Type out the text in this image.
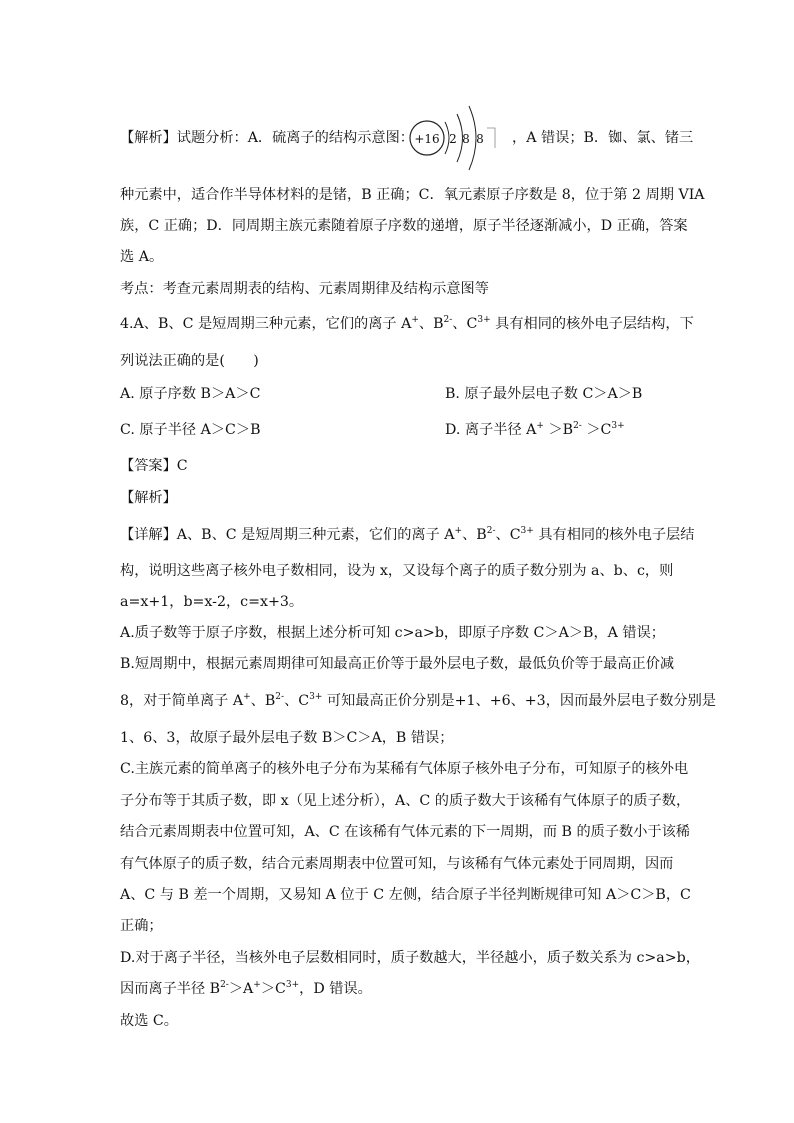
【解析】试题分析：A．硫离子的结构示意图：	，A 错误；B．铷、氯、锗三
+16 2 8 8
种元素中，适合作半导体材料的是锗，B 正确；C．氧元素原子序数是 8，位于第 2 周期 VIA
族，C 正确；D．同周期主族元素随着原子序数的递增，原子半径逐渐减小，D 正确，答案
选 A。
考点：考查元素周期表的结构、元素周期律及结构示意图等
4.A、B、C 是短周期三种元素，它们的离子 A+、$B^{2-}$、$C^{3+}$ 具有相同的核外电子层结构，下
列说法正确的是(　　)
A. 原子序数 B＞A＞C	B. 原子最外层电子数 C＞A＞B
C. 原子半径 A＞C＞B	D. 离子半径 $A^+ >B^{2-} >C^{3+}$
【答案】C
【解析】
【详解】A、B、C 是短周期三种元素，它们的离子 A+、$B^{2-}$、$C^{3+}$ 具有相同的核外电子层结
构，说明这些离子核外电子数相同，设为 x，又设每个离子的质子数分别为 a、b、c，则
a=x+1，b=x-2，c=x+3。
A.质子数等于原子序数，根据上述分析可知 c>a>b，即原子序数 C＞A＞B，A 错误；
B.短周期中，根据元素周期律可知最高正价等于最外层电子数，最低负价等于最高正价减
8，对于简单离子 A+、$B^{2-}$、$C^{3+}$ 可知最高正价分别是+1、+6、+3，因而最外层电子数分别是
1、6、3，故原子最外层电子数 B＞C＞A，B 错误；
C.主族元素的简单离子的核外电子分布为某稀有气体原子核外电子分布，可知原子的核外电
子分布等于其质子数，即 x（见上述分析），A、C 的质子数大于该稀有气体原子的质子数，
结合元素周期表中位置可知，A、C 在该稀有气体元素的下一周期，而 B 的质子数小于该稀
有气体原子的质子数，结合元素周期表中位置可知，与该稀有气体元素处于同周期，因而
A、C 与 B 差一个周期，又易知 A 位于 C 左侧，结合原子半径判断规律可知 A＞C＞B，C
正确；
D.对于离子半径，当核外电子层数相同时，质子数越大，半径越小，质子数关系为 c>a>b，
因而离子半径 $B^{2-}>A^+>C^{3+}$，D 错误。
故选 C。
